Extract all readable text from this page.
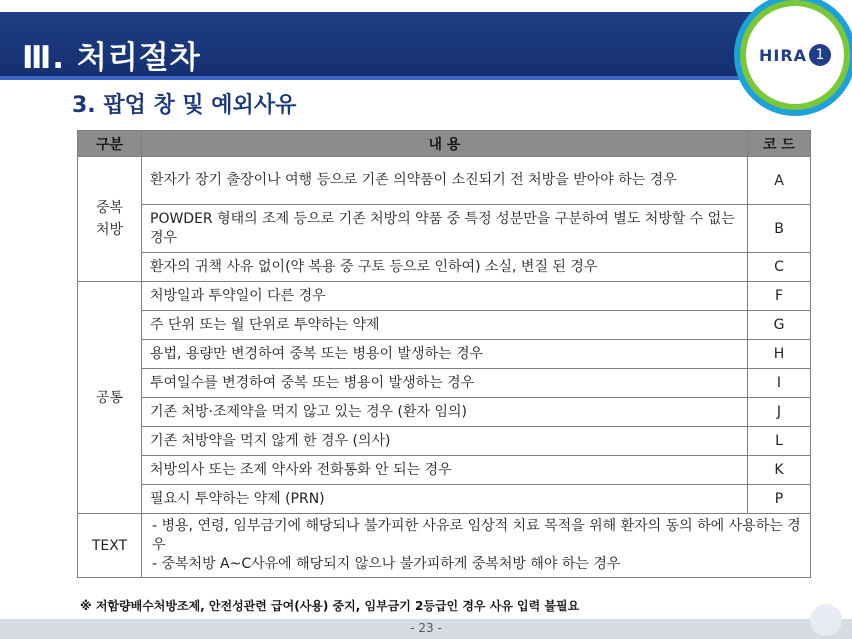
Ⅲ. 처리절차	HIRA 1
3. 팝업 창 및 예외사유
구분	내 용	코 드
중복
처방	환자가 장기 출장이나 여행 등으로 기존 의약품이 소진되기 전 처방을 받아야 하는 경우	A
	POWDER 형태의 조제 등으로 기존 처방의 약품 중 특정 성분만을 구분하여 별도 처방할 수 없는 경우	B
	환자의 귀책 사유 없이(약 복용 중 구토 등으로 인하여) 소실, 변질 된 경우	C
공통	처방일과 투약일이 다른 경우	F
	주 단위 또는 월 단위로 투약하는 약제	G
	용법, 용량만 변경하여 중복 또는 병용이 발생하는 경우	H
	투여일수를 변경하여 중복 또는 병용이 발생하는 경우	I
	기존 처방·조제약을 먹지 않고 있는 경우 (환자 임의)	J
	기존 처방약을 먹지 않게 한 경우 (의사)	L
	처방의사 또는 조제 약사와 전화통화 안 되는 경우	K
	필요시 투약하는 약제 (PRN)	P
TEXT	- 병용, 연령, 임부금기에 해당되나 불가피한 사유로 임상적 치료 목적을 위해 환자의 동의 하에 사용하는 경우
- 중복처방 A~C사유에 해당되지 않으나 불가피하게 중복처방 해야 하는 경우	
※ 저함량배수처방조제, 안전성관련 급여(사용) 중지, 임부금기 2등급인 경우 사유 입력 불필요
- 23 -
